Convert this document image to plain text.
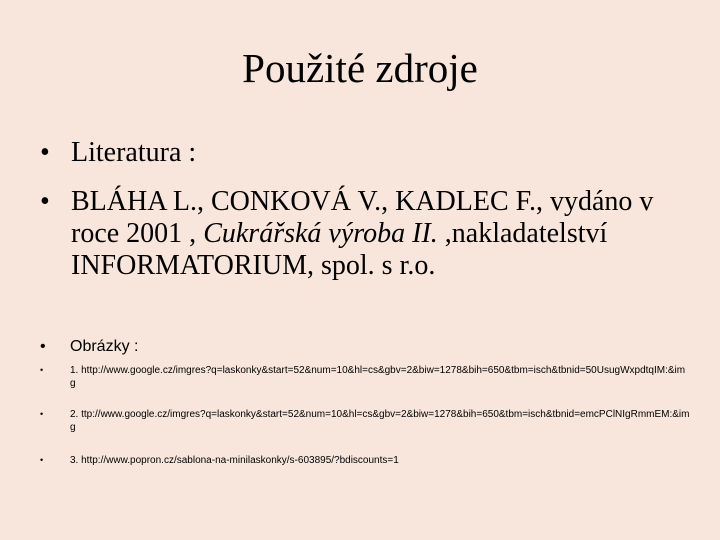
Použité zdroje
• Literatura :
• BLÁHA L., CONKOVÁ V., KADLEC F., vydáno v roce 2001 , Cukrářská výroba II. ,nakladatelství INFORMATORIUM, spol. s r.o.
• Obrázky :
•	1. http://www.google.cz/imgres?q=laskonky&start=52&num=10&hl=cs&gbv=2&biw=1278&bih=650&tbm=isch&tbnid=50UsugWxpdtqIM:&img
•	2. ttp://www.google.cz/imgres?q=laskonky&start=52&num=10&hl=cs&gbv=2&biw=1278&bih=650&tbm=isch&tbnid=emcPClNIgRmmEM:&img
•	3. http://www.popron.cz/sablona-na-minilaskonky/s-603895/?bdiscounts=1
